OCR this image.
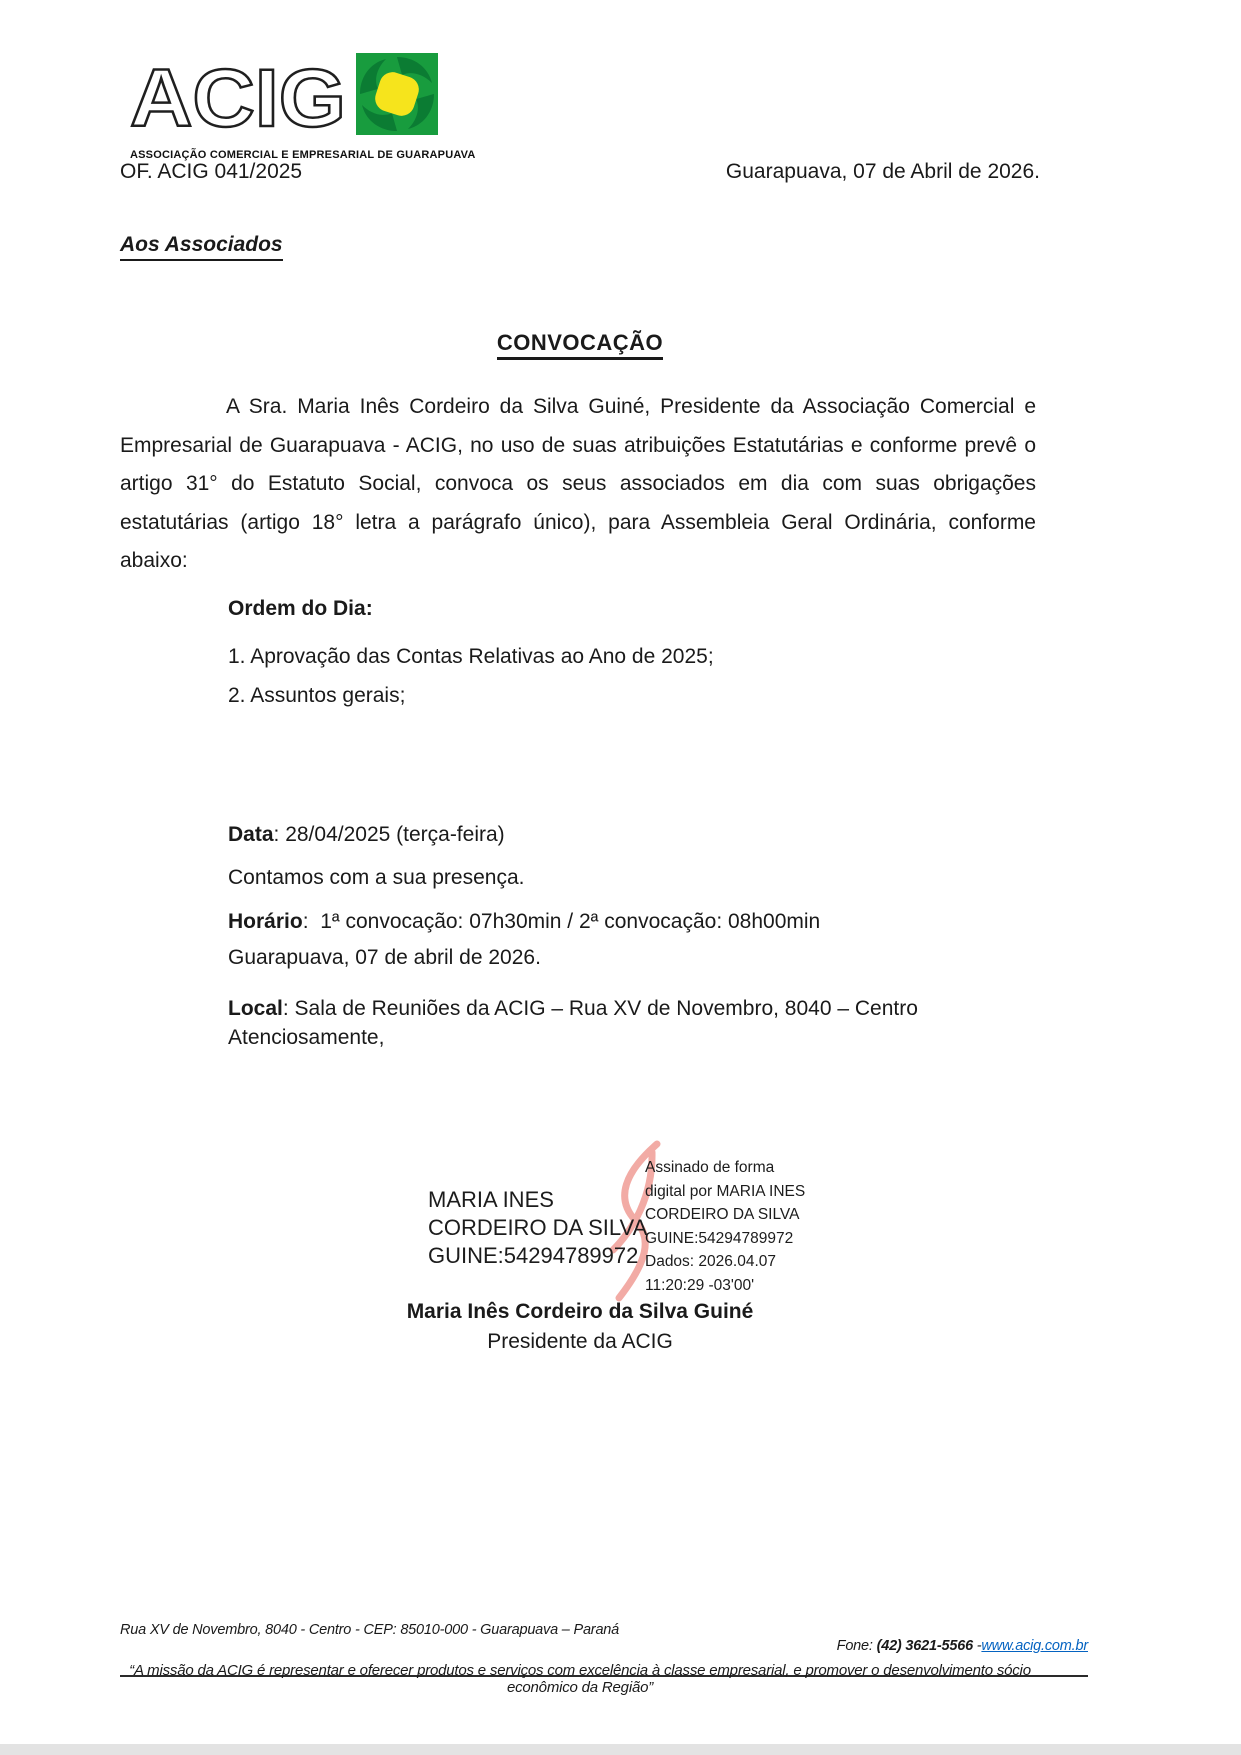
ACIG
ASSOCIAÇÃO COMERCIAL E EMPRESARIAL DE GUARAPUAVA
OF. ACIG 041/2025	Guarapuava, 07 de Abril de 2026.
Aos Associados
CONVOCAÇÃO
A Sra. Maria Inês Cordeiro da Silva Guiné, Presidente da Associação Comercial e Empresarial de Guarapuava - ACIG, no uso de suas atribuições Estatutárias e conforme prevê o artigo 31° do Estatuto Social, convoca os seus associados em dia com suas obrigações estatutárias (artigo 18° letra a parágrafo único), para Assembleia Geral Ordinária, conforme abaixo:
Ordem do Dia:
1. Aprovação das Contas Relativas ao Ano de 2025;
2. Assuntos gerais;

Data: 28/04/2025 (terça-feira)

Horário:  1ª convocação: 07h30min / 2ª convocação: 08h00min

Local: Sala de Reuniões da ACIG – Rua XV de Novembro, 8040 – Centro

Contamos com a sua presença.
Guarapuava, 07 de abril de 2026.
Atenciosamente,
MARIA INES
CORDEIRO DA SILVA
GUINE:54294789972
Assinado de forma
digital por MARIA INES
CORDEIRO DA SILVA
GUINE:54294789972
Dados: 2026.04.07
11:20:29 -03'00'
Maria Inês Cordeiro da Silva Guiné
Presidente da ACIG
Rua XV de Novembro, 8040 - Centro - CEP: 85010-000 - Guarapuava – Paraná

Fone: (42) 3621-5566 -www.acig.com.br

“A missão da ACIG é representar e oferecer produtos e serviços com excelência à classe empresarial, e promover o desenvolvimento sócio econômico da Região”
